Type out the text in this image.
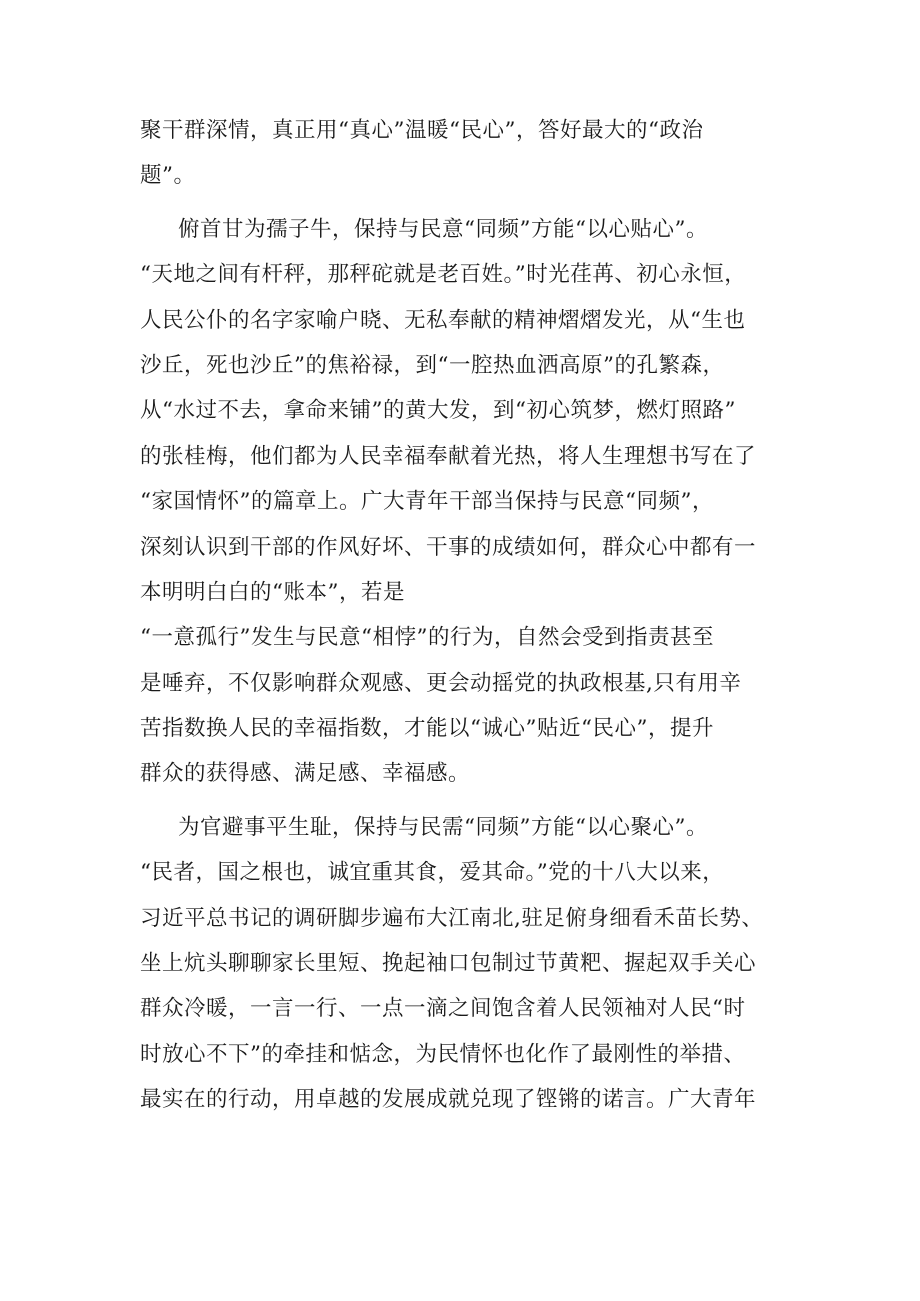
聚干群深情，真正用“真心”温暖“民心”，答好最大的“政治
题”。
俯首甘为孺子牛，保持与民意“同频”方能“以心贴心”。
“天地之间有杆秤，那秤砣就是老百姓。”时光荏苒、初心永恒，
人民公仆的名字家喻户晓、无私奉献的精神熠熠发光，从“生也
沙丘，死也沙丘”的焦裕禄，到“一腔热血洒高原”的孔繁森，
从“水过不去，拿命来铺”的黄大发，到“初心筑梦，燃灯照路”
的张桂梅，他们都为人民幸福奉献着光热，将人生理想书写在了
“家国情怀”的篇章上。广大青年干部当保持与民意“同频”，
深刻认识到干部的作风好坏、干事的成绩如何，群众心中都有一
本明明白白的“账本”，若是
“一意孤行”发生与民意“相悖”的行为，自然会受到指责甚至
是唾弃，不仅影响群众观感、更会动摇党的执政根基,只有用辛
苦指数换人民的幸福指数，才能以“诚心”贴近“民心”，提升
群众的获得感、满足感、幸福感。
为官避事平生耻，保持与民需“同频”方能“以心聚心”。
“民者，国之根也，诚宜重其食，爱其命。”党的十八大以来，
习近平总书记的调研脚步遍布大江南北,驻足俯身细看禾苗长势、
坐上炕头聊聊家长里短、挽起袖口包制过节黄粑、握起双手关心
群众冷暖，一言一行、一点一滴之间饱含着人民领袖对人民“时
时放心不下”的牵挂和惦念，为民情怀也化作了最刚性的举措、
最实在的行动，用卓越的发展成就兑现了铿锵的诺言。广大青年
